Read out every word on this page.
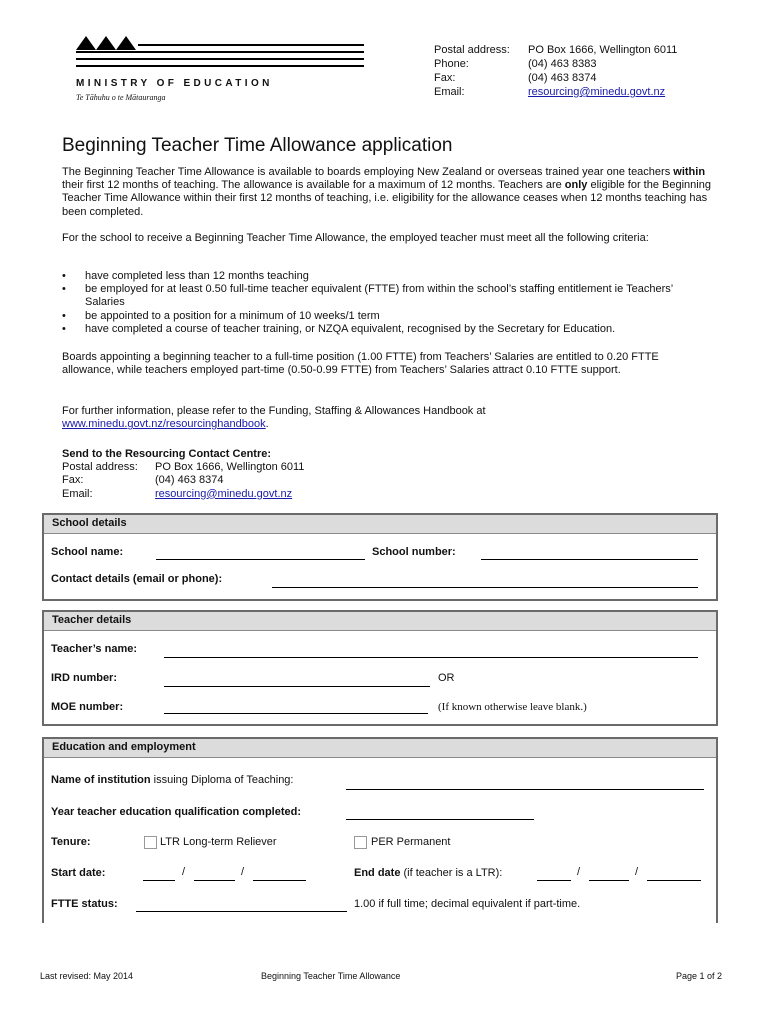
MINISTRY OF EDUCATION
Te Tāhuhu o te Mātauranga
Postal address: PO Box 1666, Wellington 6011
Phone:	(04) 463 8383
Fax:	(04) 463 8374
Email:	resourcing@minedu.govt.nz
Beginning Teacher Time Allowance application
The Beginning Teacher Time Allowance is available to boards employing New Zealand or overseas trained year one teachers within their first 12 months of teaching. The allowance is available for a maximum of 12 months. Teachers are only eligible for the Beginning Teacher Time Allowance within their first 12 months of teaching, i.e. eligibility for the allowance ceases when 12 months teaching has been completed.
For the school to receive a Beginning Teacher Time Allowance, the employed teacher must meet all the following criteria:
• have completed less than 12 months teaching
• be employed for at least 0.50 full-time teacher equivalent (FTTE) from within the school’s staffing entitlement ie Teachers’ Salaries
• be appointed to a position for a minimum of 10 weeks/1 term
• have completed a course of teacher training, or NZQA equivalent, recognised by the Secretary for Education.
Boards appointing a beginning teacher to a full-time position (1.00 FTTE) from Teachers’ Salaries are entitled to 0.20 FTTE allowance, while teachers employed part-time (0.50-0.99 FTTE) from Teachers’ Salaries attract 0.10 FTTE support.
For further information, please refer to the Funding, Staffing & Allowances Handbook at
www.minedu.govt.nz/resourcinghandbook.
Send to the Resourcing Contact Centre:
Postal address: PO Box 1666, Wellington 6011
Fax:	(04) 463 8374
Email:	resourcing@minedu.govt.nz
School details
School name:	School number:
Contact details (email or phone):
Teacher details
Teacher’s name:
IRD number:	OR
MOE number:	(If known otherwise leave blank.)
Education and employment
Name of institution issuing Diploma of Teaching:
Year teacher education qualification completed:
Tenure:	LTR Long-term Reliever	PER Permanent
Start date:	/	/	End date (if teacher is a LTR):	/	/
FTTE status:	1.00 if full time; decimal equivalent if part-time.
Last revised: May 2014	Beginning Teacher Time Allowance	Page 1 of 2
